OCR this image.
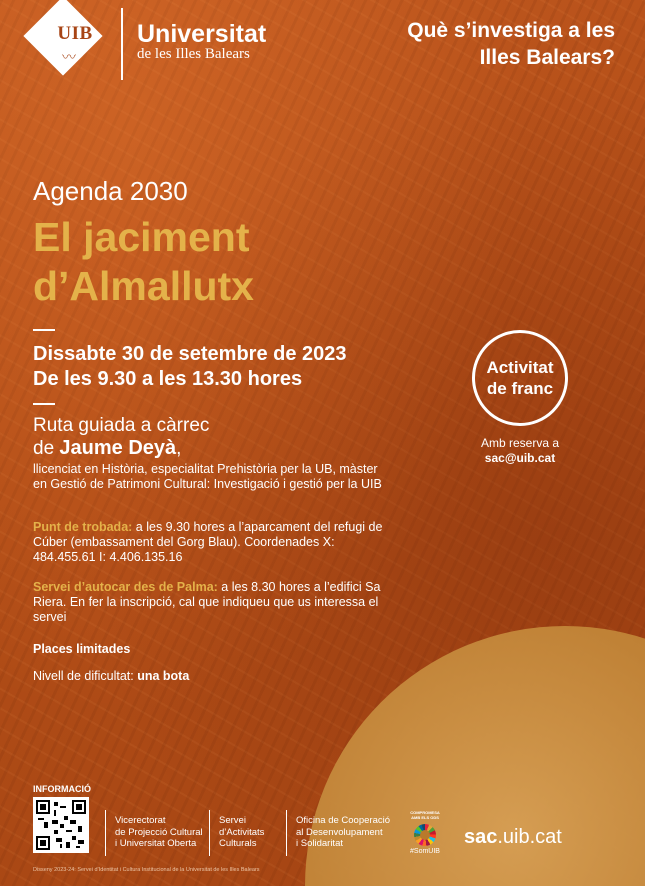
UIB
〰
Universitat
de les Illes Balears
Què s’investiga a les Illes Balears?
Agenda 2030
El jaciment
d’Almallutx
Dissabte 30 de setembre de 2023
De les 9.30 a les 13.30 hores
Ruta guiada a càrrec
de Jaume Deyà,
llicenciat en Història, especialitat Prehistòria per la UB, màster en Gestió de Patrimoni Cultural: Investigació i gestió per la UIB
Punt de trobada: a les 9.30 hores a l’aparcament del refugi de Cúber (embassament del Gorg Blau). Coordenades X: 484.455.61 I: 4.406.135.16
Servei d’autocar des de Palma: a les 8.30 hores a l’edifici Sa Riera. En fer la inscripció, cal que indiqueu que us interessa el servei
Places limitades
Nivell de dificultat: una bota
Activitat
de franc
Amb reserva a
sac@uib.cat
INFORMACIÓ
Vicerectorat
de Projecció Cultural
i Universitat Oberta
Servei
d’Activitats
Culturals
Oficina de Cooperació
al Desenvolupament
i Solidaritat
COMPROMESA AMB ELS ODS
#SomUIB
sac.uib.cat
Disseny 2023-24: Servei d’Identitat i Cultura Institucional de la Universitat de les Illes Balears
